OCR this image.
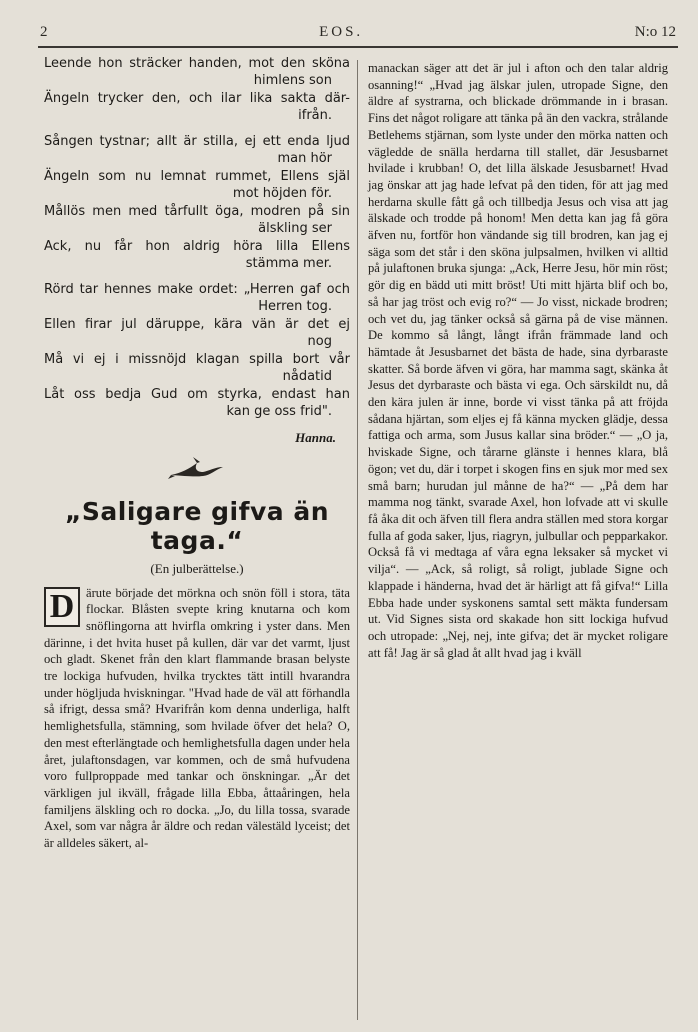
2	EOS.	N:o 12
Leende hon sträcker handen, mot den sköna
himlens son
Ängeln trycker den, och ilar lika sakta där-
ifrån.
Sången tystnar; allt är stilla, ej ett enda ljud
man hör
Ängeln som nu lemnat rummet, Ellens själ
mot höjden för.
Mållös men med tårfullt öga, modren på sin
älskling ser
Ack, nu får hon aldrig höra lilla Ellens
stämma mer.
Rörd tar hennes make ordet: „Herren gaf och
Herren tog.
Ellen firar jul däruppe, kära vän är det ej
nog
Må vi ej i missnöjd klagan spilla bort vår
nådatid
Låt oss bedja Gud om styrka, endast han
kan ge oss frid".
Hanna.
„Saligare gifva än taga.“
(En julberättelse.)
D ärute började det mörkna och snön föll i stora, täta flockar. Blåsten svepte kring knutarna och kom snöflingorna att hvirfla omkring i yster dans. Men därinne, i det hvita huset på kullen, där var det varmt, ljust och gladt. Skenet från den klart flammande brasan belyste tre lockiga hufvuden, hvilka trycktes tätt intill hvarandra under högljuda hviskningar. "Hvad hade de väl att förhandla så ifrigt, dessa små? Hvarifrån kom denna underliga, halft hemlighetsfulla, stämning, som hvilade öfver det hela? O, den mest efterlängtade och hemlighetsfulla dagen under hela året, julaftonsdagen, var kommen, och de små hufvudena voro fullproppade med tankar och önskningar. „Är det värkligen jul ikväll, frågade lilla Ebba, åttaåringen, hela familjens älskling och ro docka. „Jo, du lilla tossa, svarade Axel, som var några år äldre och redan välestäld lyceist; det är alldeles säkert, al-
manackan säger att det är jul i afton och den talar aldrig osanning!“ „Hvad jag älskar julen, utropade Signe, den äldre af systrarna, och blickade drömmande in i brasan. Fins det något roligare att tänka på än den vackra, strålande Betlehems stjärnan, som lyste under den mörka natten och vägledde de snälla herdarna till stallet, där Jesusbarnet hvilade i krubban! O, det lilla älskade Jesusbarnet! Hvad jag önskar att jag hade lefvat på den tiden, för att jag med herdarna skulle fått gå och tillbedja Jesus och visa att jag älskade och trodde på honom! Men detta kan jag få göra äfven nu, fortför hon vändande sig till brodren, kan jag ej säga som det står i den sköna julpsalmen, hvilken vi alltid på julaftonen bruka sjunga: „Ack, Herre Jesu, hör min röst; gör dig en bädd uti mitt bröst! Uti mitt hjärta blif och bo, så har jag tröst och evig ro?“ — Jo visst, nickade brodren; och vet du, jag tänker också så gärna på de vise männen. De kommo så långt, långt ifrån främmade land och hämtade åt Jesusbarnet det bästa de hade, sina dyrbaraste skatter. Så borde äfven vi göra, har mamma sagt, skänka åt Jesus det dyrbaraste och bästa vi ega. Och särskildt nu, då den kära julen är inne, borde vi visst tänka på att fröjda sådana hjärtan, som eljes ej få känna mycken glädje, dessa fattiga och arma, som Jusus kallar sina bröder.“ — „O ja, hviskade Signe, och tårarne glänste i hennes klara, blå ögon; vet du, där i torpet i skogen fins en sjuk mor med sex små barn; hurudan jul månne de ha?“ — „På dem har mamma nog tänkt, svarade Axel, hon lofvade att vi skulle få åka dit och äfven till flera andra ställen med stora korgar fulla af goda saker, ljus, riagryn, julbullar och pepparkakor. Också få vi medtaga af våra egna leksaker så mycket vi vilja“. — „Ack, så roligt, så roligt, jublade Signe och klappade i händerna, hvad det är härligt att få gifva!“ Lilla Ebba hade under syskonens samtal sett mäkta fundersam ut. Vid Signes sista ord skakade hon sitt lockiga hufvud och utropade: „Nej, nej, inte gifva; det är mycket roligare att få! Jag är så glad åt allt hvad jag i kväll
